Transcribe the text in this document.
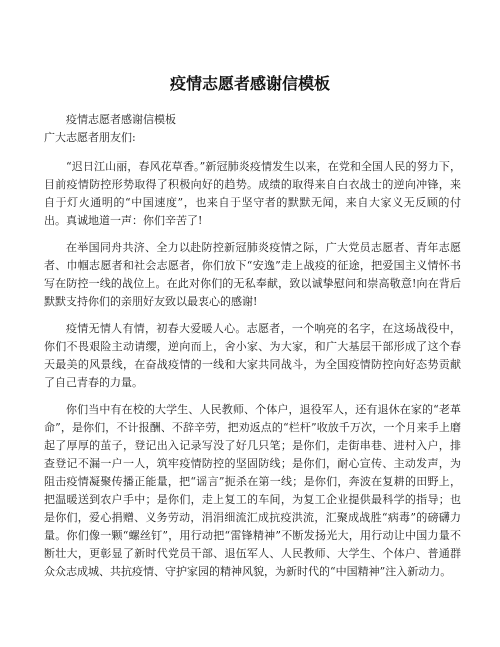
疫情志愿者感谢信模板

疫情志愿者感谢信模板

广大志愿者朋友们:

“迟日江山丽，春风花草香。”新冠肺炎疫情发生以来，在党和全国人民的努力下，目前疫情防控形势取得了积极向好的趋势。成绩的取得来自白衣战士的逆向冲锋，来自于灯火通明的“中国速度”，也来自于坚守者的默默无闻，来自大家义无反顾的付出。真诚地道一声：你们辛苦了!

在举国同舟共济、全力以赴防控新冠肺炎疫情之际，广大党员志愿者、青年志愿者、巾帼志愿者和社会志愿者，你们放下“安逸”走上战疫的征途，把爱国主义情怀书写在防控一线的战位上。在此对你们的无私奉献，致以诚挚慰问和崇高敬意!向在背后默默支持你们的亲朋好友致以最衷心的感谢!

疫情无情人有情，初春大爱暖人心。志愿者，一个响亮的名字，在这场战役中，你们不畏艰险主动请缨，逆向而上，舍小家、为大家，和广大基层干部形成了这个春天最美的风景线，在奋战疫情的一线和大家共同战斗，为全国疫情防控向好态势贡献了自己青春的力量。

你们当中有在校的大学生、人民教师、个体户，退役军人，还有退休在家的“老革命”，是你们，不计报酬、不辞辛劳，把劝返点的“栏杆”收放千万次，一个月来手上磨起了厚厚的茧子，登记出入记录写没了好几只笔；是你们，走街串巷、进村入户，排查登记不漏一户一人，筑牢疫情防控的坚固防线；是你们，耐心宣传、主动发声，为阻击疫情凝聚传播正能量，把“谣言”扼杀在第一线；是你们，奔波在复耕的田野上，把温暖送到农户手中；是你们，走上复工的车间，为复工企业提供最科学的指导；也是你们，爱心捐赠、义务劳动，涓涓细流汇成抗疫洪流，汇聚成战胜“病毒”的磅礴力量。你们像一颗“螺丝钉”，用行动把“雷锋精神”不断发扬光大，用行动让中国力量不断壮大，更彰显了新时代党员干部、退伍军人、人民教师、大学生、个体户、普通群众众志成城、共抗疫情、守护家园的精神风貌，为新时代的“中国精神”注入新动力。
